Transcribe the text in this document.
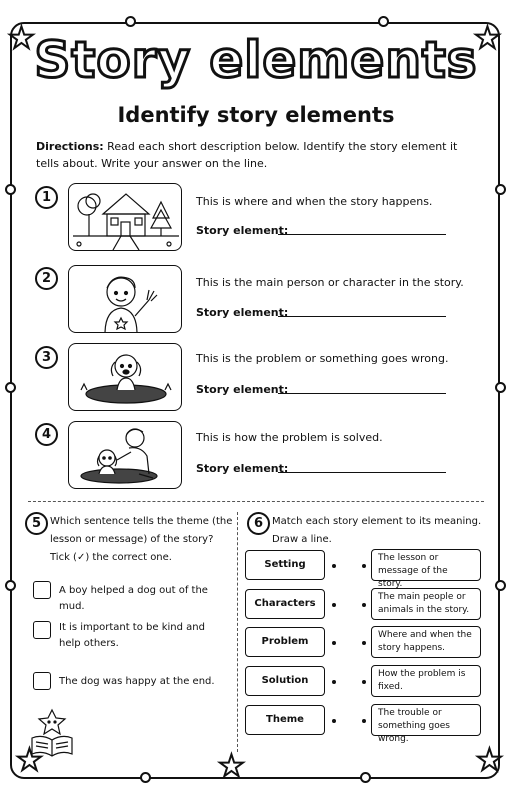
★	★
★	★	★
Story elements
Identify story elements
Directions: Read each short description below. Identify the story element it tells about. Write your answer on the line.
1	This is where and when the story happens.
Story element:
2	This is the main person or character in the story.
Story element:
3	This is the problem or something goes wrong.
Story element:
4	This is how the problem is solved.
Story element:
5 Which sentence tells the theme (the
lesson or message) of the story?
Tick (✓) the correct one.
A boy helped a dog out of the mud.
It is important to be kind and help others.
The dog was happy at the end.
6 Match each story element to its meaning.
Draw a line.
Setting
Characters
Problem
Solution
Theme
The lesson or message of the story.
The main people or animals in the story.
Where and when the story happens.
How the problem is fixed.
The trouble or something goes wrong.
